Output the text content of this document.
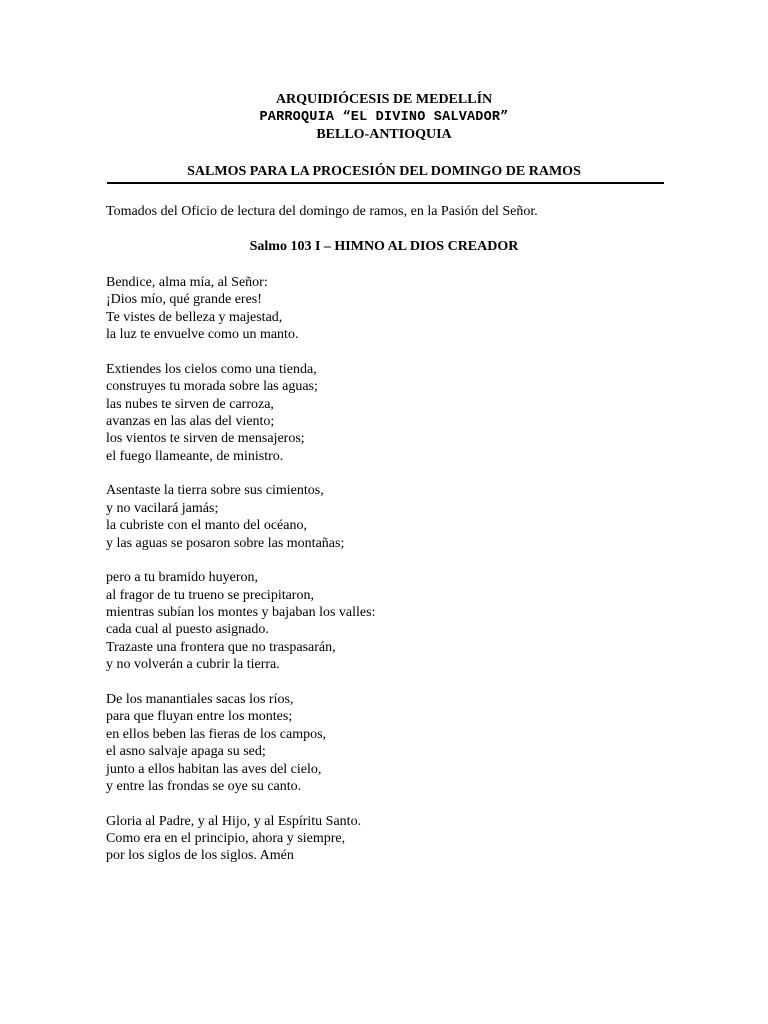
ARQUIDIÓCESIS DE MEDELLÍN
PARROQUIA “EL DIVINO SALVADOR”
BELLO-ANTIOQUIA
SALMOS PARA LA PROCESIÓN DEL DOMINGO DE RAMOS
Tomados del Oficio de lectura del domingo de ramos, en la Pasión del Señor.
Salmo 103 I – HIMNO AL DIOS CREADOR
Bendice, alma mía, al Señor:
¡Dios mío, qué grande eres!
Te vistes de belleza y majestad,
la luz te envuelve como un manto.
Extiendes los cielos como una tienda,
construyes tu morada sobre las aguas;
las nubes te sirven de carroza,
avanzas en las alas del viento;
los vientos te sirven de mensajeros;
el fuego llameante, de ministro.
Asentaste la tierra sobre sus cimientos,
y no vacilará jamás;
la cubriste con el manto del océano,
y las aguas se posaron sobre las montañas;
pero a tu bramido huyeron,
al fragor de tu trueno se precipitaron,
mientras subían los montes y bajaban los valles:
cada cual al puesto asignado.
Trazaste una frontera que no traspasarán,
y no volverán a cubrir la tierra.
De los manantiales sacas los ríos,
para que fluyan entre los montes;
en ellos beben las fieras de los campos,
el asno salvaje apaga su sed;
junto a ellos habitan las aves del cielo,
y entre las frondas se oye su canto.
Gloria al Padre, y al Hijo, y al Espíritu Santo.
Como era en el principio, ahora y siempre,
por los siglos de los siglos. Amén
